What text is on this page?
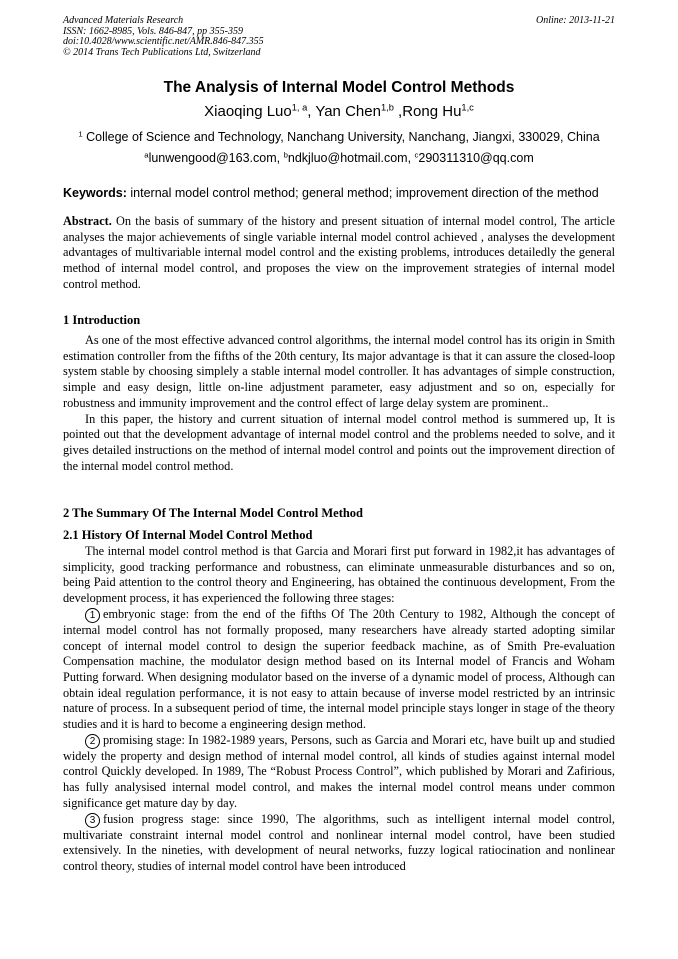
Advanced Materials Research
ISSN: 1662-8985, Vols. 846-847, pp 355-359
doi:10.4028/www.scientific.net/AMR.846-847.355
© 2014 Trans Tech Publications Ltd, Switzerland
Online: 2013-11-21
The Analysis of Internal Model Control Methods
Xiaoqing Luo$^{1, a}$, Yan Chen$^{1,b}$ ,Rong Hu$^{1,c}$
$^1$ College of Science and Technology, Nanchang University, Nanchang, Jiangxi, 330029, China
$^a$lunwengood@163.com, $^b$ndkjluo@hotmail.com, $^c$290311310@qq.com
Keywords: internal model control method; general method; improvement direction of the method

Abstract. On the basis of summary of the history and present situation of internal model control, The article analyses the major achievements of single variable internal model control achieved , analyses the development advantages of multivariable internal model control and the existing problems, introduces detailedly the general method of internal model control, and proposes the view on the improvement strategies of internal model control method.

1 Introduction

As one of the most effective advanced control algorithms, the internal model control has its origin in Smith estimation controller from the fifths of the 20th century, Its major advantage is that it can assure the closed-loop system stable by choosing simplely a stable internal model controller. It has advantages of simple construction, simple and easy design, little on-line adjustment parameter, easy adjustment and so on, especially for robustness and immunity improvement and the control effect of large delay system are prominent..

In this paper, the history and current situation of internal model control method is summered up, It is pointed out that the development advantage of internal model control and the problems needed to solve, and it gives detailed instructions on the method of internal model control and points out the improvement direction of the internal model control method.

2 The Summary Of The Internal Model Control Method
2.1 History Of Internal Model Control Method

The internal model control method is that Garcia and Morari first put forward in 1982,it has advantages of simplicity, good tracking performance and robustness, can eliminate unmeasurable disturbances and so on, being Paid attention to the control theory and Engineering, has obtained the continuous development, From the development process, it has experienced the following three stages:

1 embryonic stage: from the end of the fifths Of The 20th Century to 1982, Although the concept of internal model control has not formally proposed, many researchers have already started adopting similar concept of internal model control to design the superior feedback machine, as of Smith Pre-evaluation Compensation machine, the modulator design method based on its Internal model of Francis and Woham Putting forward. When designing modulator based on the inverse of a dynamic model of process, Although can obtain ideal regulation performance, it is not easy to attain because of inverse model restricted by an intrinsic nature of process. In a subsequent period of time, the internal model principle stays longer in stage of the theory studies and it is hard to become a engineering design method.

2 promising stage: In 1982-1989 years, Persons, such as Garcia and Morari etc, have built up and studied widely the property and design method of internal model control, all kinds of studies against internal model control Quickly developed. In 1989, The “Robust Process Control”, which published by Morari and Zafirious, has fully analysised internal model control, and makes the internal model control means under common significance get mature day by day.

3 fusion progress stage: since 1990, The algorithms, such as intelligent internal model control, multivariate constraint internal model control and nonlinear internal model control, have been studied extensively. In the nineties, with development of neural networks, fuzzy logical ratiocination and nonlinear control theory, studies of internal model control have been introduced
